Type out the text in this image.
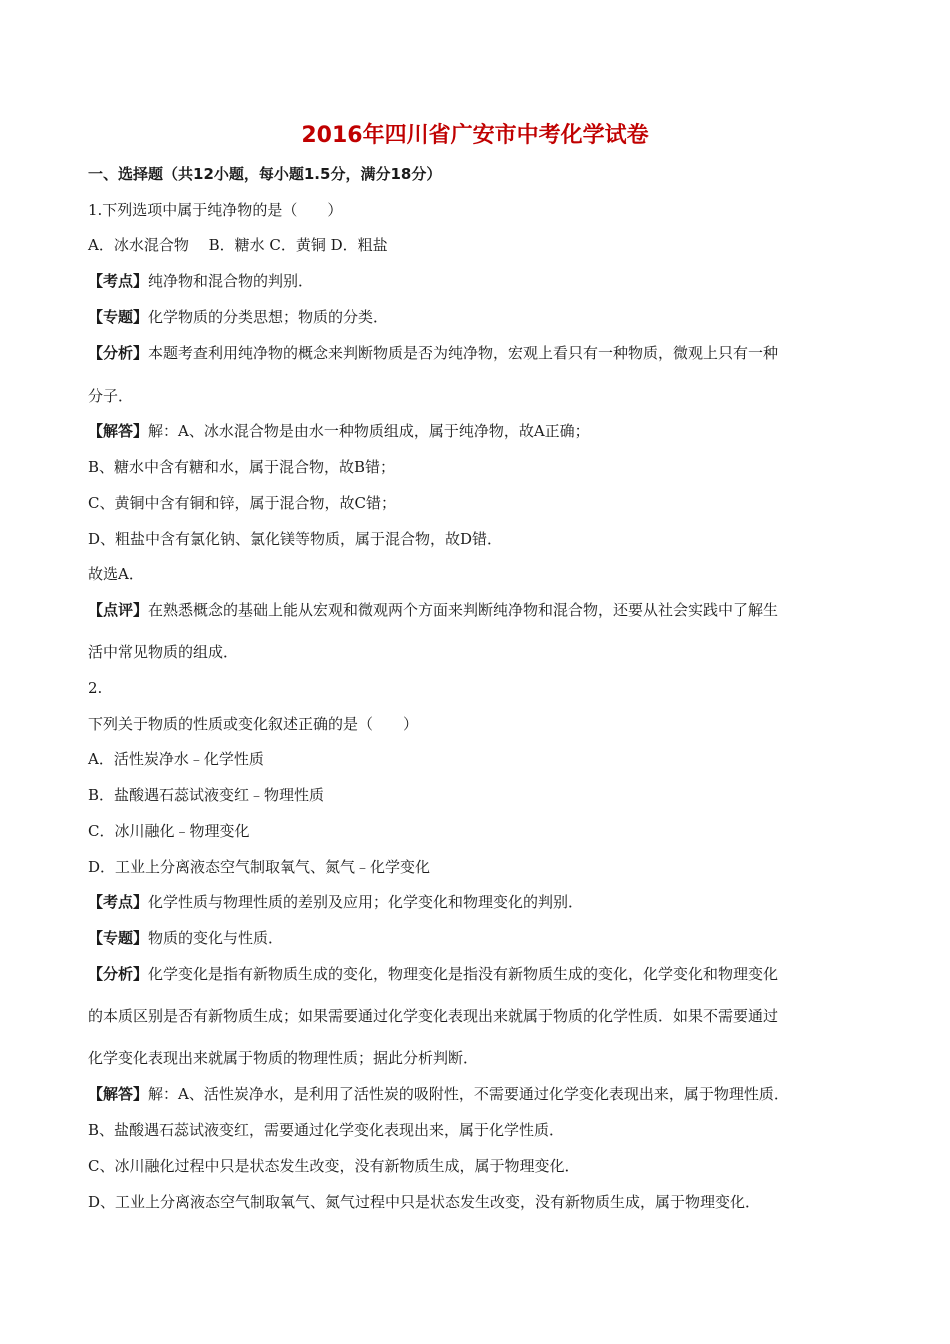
2016年四川省广安市中考化学试卷
一、选择题（共12小题，每小题1.5分，满分18分）
1.下列选项中属于纯净物的是（　　）
A．冰水混合物　 B．糖水 C．黄铜 D．粗盐
【考点】纯净物和混合物的判别．
【专题】化学物质的分类思想；物质的分类．
【分析】本题考查利用纯净物的概念来判断物质是否为纯净物，宏观上看只有一种物质，微观上只有一种
分子．
【解答】解：A、冰水混合物是由水一种物质组成，属于纯净物，故A正确；
B、糖水中含有糖和水，属于混合物，故B错；
C、黄铜中含有铜和锌，属于混合物，故C错；
D、粗盐中含有氯化钠、氯化镁等物质，属于混合物，故D错．
故选A．
【点评】在熟悉概念的基础上能从宏观和微观两个方面来判断纯净物和混合物，还要从社会实践中了解生
活中常见物质的组成．
2.
下列关于物质的性质或变化叙述正确的是（　　）
A．活性炭净水﹣化学性质
B．盐酸遇石蕊试液变红﹣物理性质
C．冰川融化﹣物理变化
D．工业上分离液态空气制取氧气、氮气﹣化学变化
【考点】化学性质与物理性质的差别及应用；化学变化和物理变化的判别．
【专题】物质的变化与性质．
【分析】化学变化是指有新物质生成的变化，物理变化是指没有新物质生成的变化，化学变化和物理变化
的本质区别是否有新物质生成；如果需要通过化学变化表现出来就属于物质的化学性质．如果不需要通过
化学变化表现出来就属于物质的物理性质；据此分析判断．
【解答】解：A、活性炭净水，是利用了活性炭的吸附性，不需要通过化学变化表现出来，属于物理性质．
B、盐酸遇石蕊试液变红，需要通过化学变化表现出来，属于化学性质．
C、冰川融化过程中只是状态发生改变，没有新物质生成，属于物理变化．
D、工业上分离液态空气制取氧气、氮气过程中只是状态发生改变，没有新物质生成，属于物理变化．
